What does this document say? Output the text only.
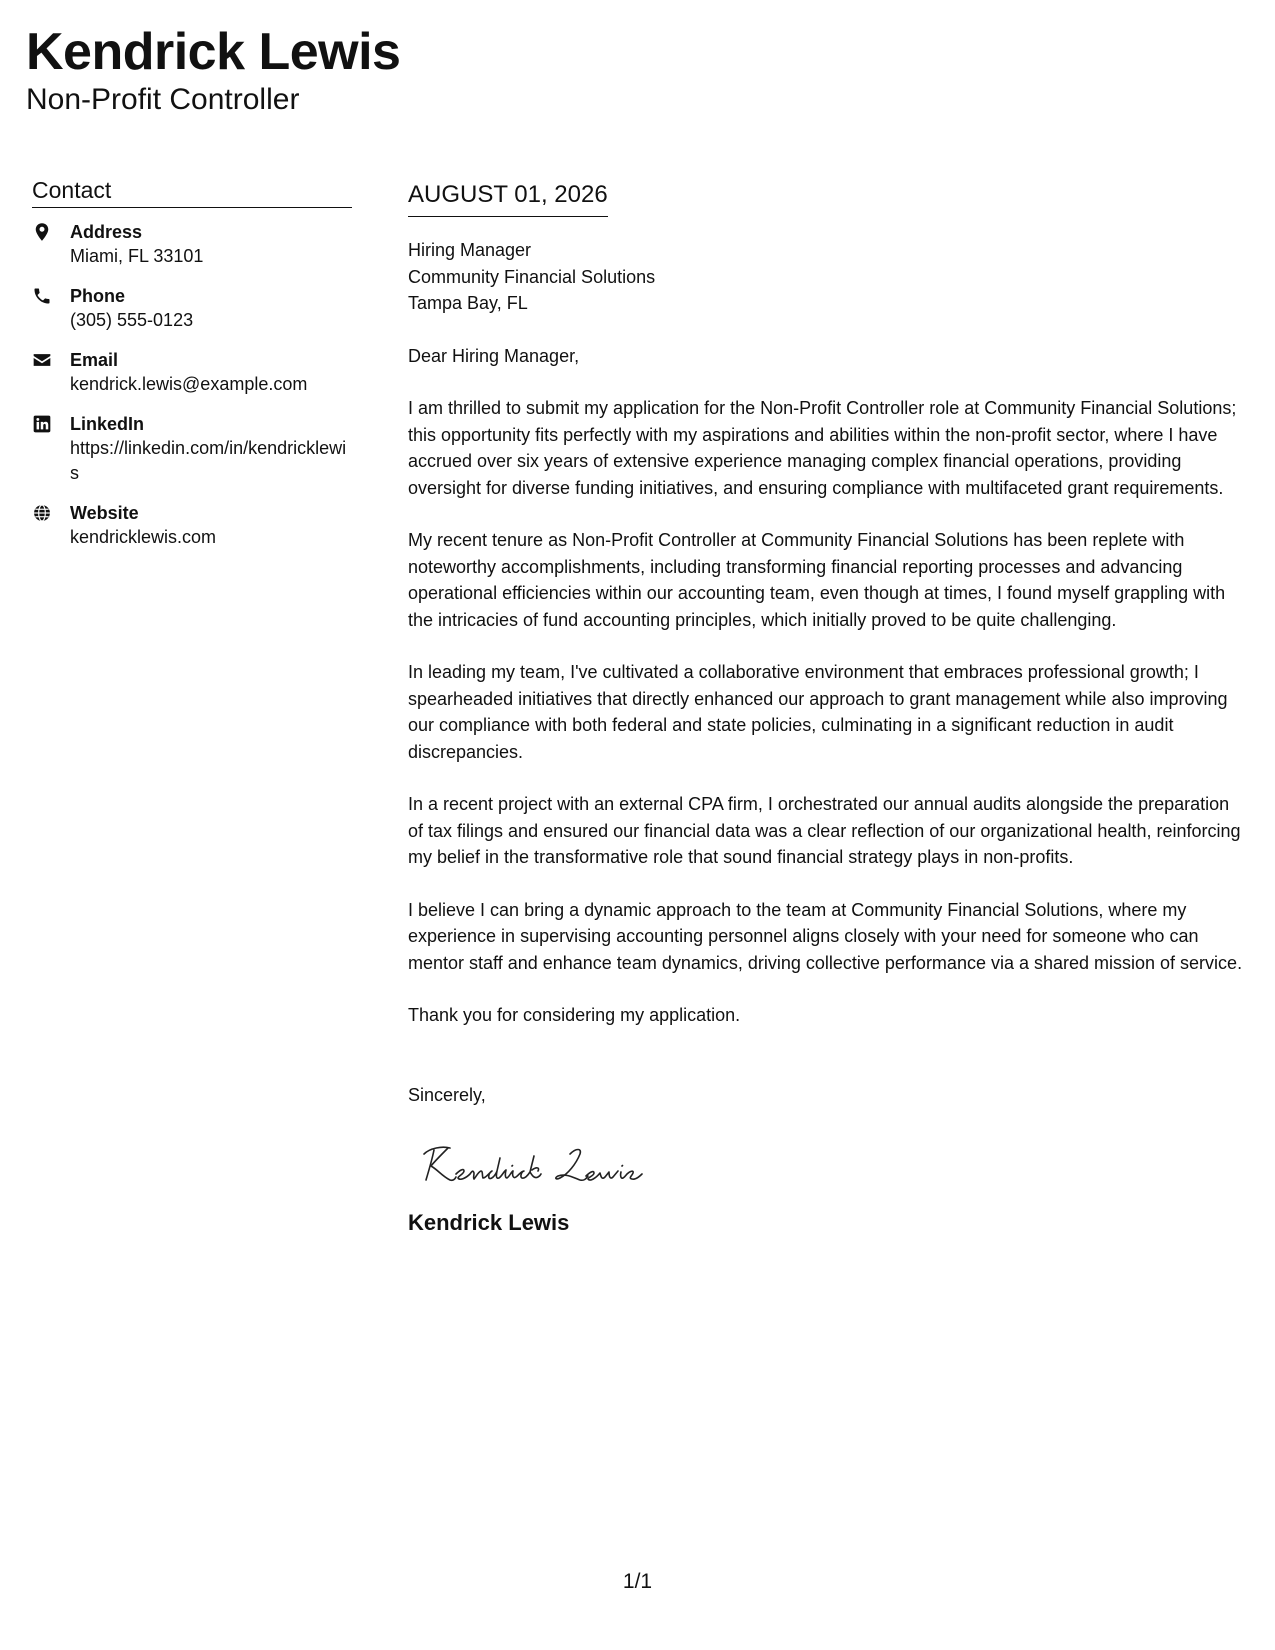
Kendrick Lewis
Non-Profit Controller
Contact
Address
Miami, FL 33101
Phone
(305) 555-0123
Email
kendrick.lewis@example.com
LinkedIn
https://linkedin.com/in/kendricklewis
Website
kendricklewis.com
AUGUST 01, 2026
Hiring Manager
Community Financial Solutions
Tampa Bay, FL
Dear Hiring Manager,
I am thrilled to submit my application for the Non-Profit Controller role at Community Financial Solutions; this opportunity fits perfectly with my aspirations and abilities within the non-profit sector, where I have accrued over six years of extensive experience managing complex financial operations, providing oversight for diverse funding initiatives, and ensuring compliance with multifaceted grant requirements.
My recent tenure as Non-Profit Controller at Community Financial Solutions has been replete with noteworthy accomplishments, including transforming financial reporting processes and advancing operational efficiencies within our accounting team, even though at times, I found myself grappling with the intricacies of fund accounting principles, which initially proved to be quite challenging.
In leading my team, I've cultivated a collaborative environment that embraces professional growth; I spearheaded initiatives that directly enhanced our approach to grant management while also improving our compliance with both federal and state policies, culminating in a significant reduction in audit discrepancies.
In a recent project with an external CPA firm, I orchestrated our annual audits alongside the preparation of tax filings and ensured our financial data was a clear reflection of our organizational health, reinforcing my belief in the transformative role that sound financial strategy plays in non-profits.
I believe I can bring a dynamic approach to the team at Community Financial Solutions, where my experience in supervising accounting personnel aligns closely with your need for someone who can mentor staff and enhance team dynamics, driving collective performance via a shared mission of service.
Thank you for considering my application.
Sincerely,
Kendrick Lewis
1/1
